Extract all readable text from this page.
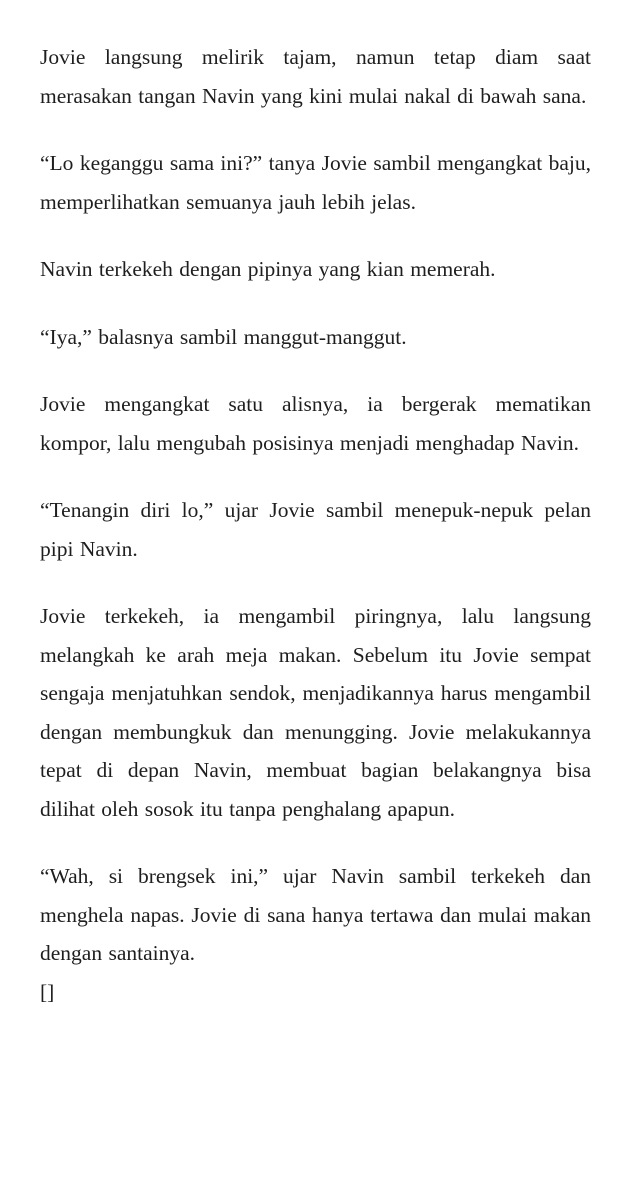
Jovie langsung melirik tajam, namun tetap diam saat merasakan tangan Navin yang kini mulai nakal di bawah sana.

“Lo keganggu sama ini?” tanya Jovie sambil mengangkat baju, memperlihatkan semuanya jauh lebih jelas.

Navin terkekeh dengan pipinya yang kian memerah.

“Iya,” balasnya sambil manggut-manggut.

Jovie mengangkat satu alisnya, ia bergerak mematikan kompor, lalu mengubah posisinya menjadi menghadap Navin.

“Tenangin diri lo,” ujar Jovie sambil menepuk-nepuk pelan pipi Navin.

Jovie terkekeh, ia mengambil piringnya, lalu langsung melangkah ke arah meja makan. Sebelum itu Jovie sempat sengaja menjatuhkan sendok, menjadikannya harus mengambil dengan membungkuk dan menungging. Jovie melakukannya tepat di depan Navin, membuat bagian belakangnya bisa dilihat oleh sosok itu tanpa penghalang apapun.

“Wah, si brengsek ini,” ujar Navin sambil terkekeh dan menghela napas. Jovie di sana hanya tertawa dan mulai makan dengan santainya.

[]
